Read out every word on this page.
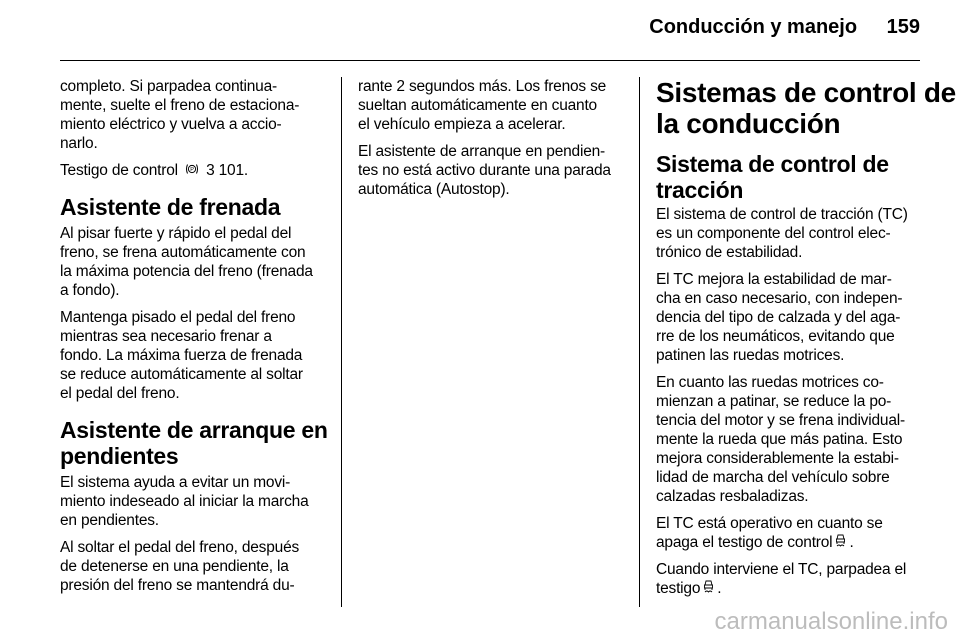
Conducción y manejo 159

completo. Si parpadea continua-
mente, suelte el freno de estaciona-
miento eléctrico y vuelva a accio-
narlo.

Testigo de control P 3 101.

Asistente de frenada

Al pisar fuerte y rápido el pedal del
freno, se frena automáticamente con
la máxima potencia del freno (frenada
a fondo).

Mantenga pisado el pedal del freno
mientras sea necesario frenar a
fondo. La máxima fuerza de frenada
se reduce automáticamente al soltar
el pedal del freno.

Asistente de arranque en
pendientes

El sistema ayuda a evitar un movi-
miento indeseado al iniciar la marcha
en pendientes.

Al soltar el pedal del freno, después
de detenerse en una pendiente, la
presión del freno se mantendrá du-

rante 2 segundos más. Los frenos se
sueltan automáticamente en cuanto
el vehículo empieza a acelerar.

El asistente de arranque en pendien-
tes no está activo durante una parada
automática (Autostop).

Sistemas de control de
la conducción
Sistema de control de
tracción

El sistema de control de tracción (TC)
es un componente del control elec-
trónico de estabilidad.

El TC mejora la estabilidad de mar-
cha en caso necesario, con indepen-
dencia del tipo de calzada y del aga-
rre de los neumáticos, evitando que
patinen las ruedas motrices.

En cuanto las ruedas motrices co-
mienzan a patinar, se reduce la po-
tencia del motor y se frena individual-
mente la rueda que más patina. Esto
mejora considerablemente la estabi-
lidad de marcha del vehículo sobre
calzadas resbaladizas.

El TC está operativo en cuanto se
apaga el testigo de control .

Cuando interviene el TC, parpadea el
testigo .

carmanualsonline.info
